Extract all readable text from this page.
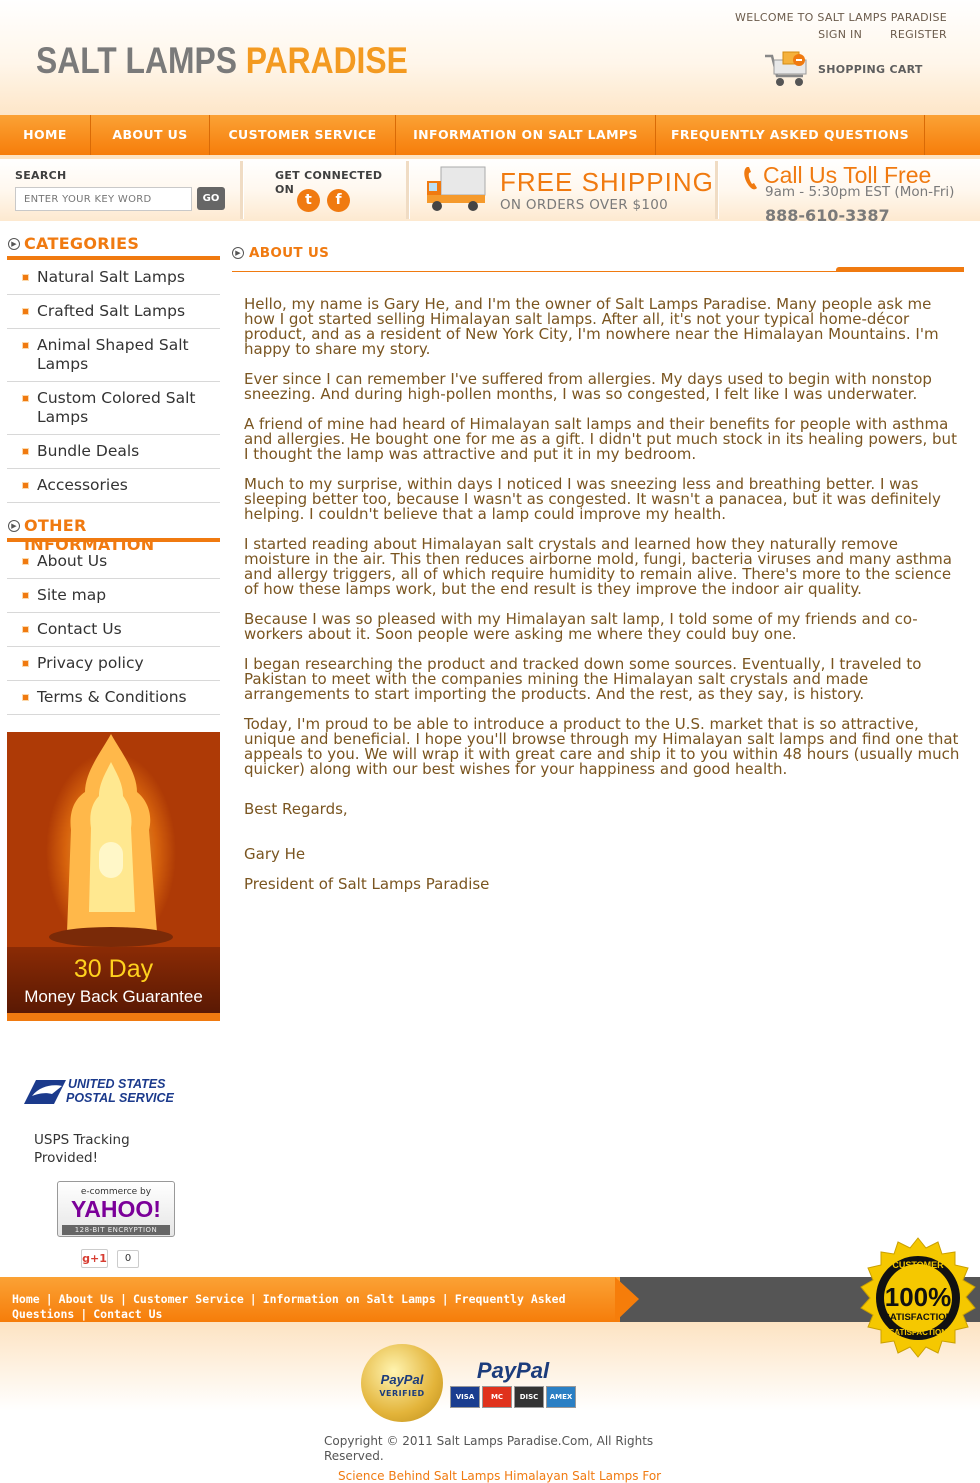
SALT LAMPS PARADISE
WELCOME TO SALT LAMPS PARADISE
SIGN IN	REGISTER
SHOPPING CART
HOME	ABOUT US	CUSTOMER SERVICE	INFORMATION ON SALT LAMPS	FREQUENTLY ASKED QUESTIONS
SEARCH
ENTER YOUR KEY WORD
GO
GET CONNECTED ON
t	f
FREE SHIPPING
ON ORDERS OVER $100
Call Us Toll Free
9am - 5:30pm EST (Mon-Fri)
888-610-3387
▶ CATEGORIES
Natural Salt Lamps
Crafted Salt Lamps
Animal Shaped Salt Lamps
Custom Colored Salt Lamps
Bundle Deals
Accessories
▶ OTHER INFORMATION
About Us
Site map
Contact Us
Privacy policy
Terms & Conditions
30 Day
Money Back Guarantee
UNITED STATES
POSTAL SERVICE
USPS Tracking Provided!
e-commerce by
YAHOO!
128-BIT ENCRYPTION
g+1	0
▶ ABOUT US

Hello, my name is Gary He, and I'm the owner of Salt Lamps Paradise. Many people ask me how I got started selling Himalayan salt lamps. After all, it's not your typical home-décor product, and as a resident of New York City, I'm nowhere near the Himalayan Mountains. I'm happy to share my story.

Ever since I can remember I've suffered from allergies. My days used to begin with nonstop sneezing. And during high-pollen months, I was so congested, I felt like I was underwater.

A friend of mine had heard of Himalayan salt lamps and their benefits for people with asthma and allergies. He bought one for me as a gift. I didn't put much stock in its healing powers, but I thought the lamp was attractive and put it in my bedroom.

Much to my surprise, within days I noticed I was sneezing less and breathing better. I was sleeping better too, because I wasn't as congested. It wasn't a panacea, but it was definitely helping. I couldn't believe that a lamp could improve my health.

I started reading about Himalayan salt crystals and learned how they naturally remove moisture in the air. This then reduces airborne mold, fungi, bacteria viruses and many asthma and allergy triggers, all of which require humidity to remain alive. There's more to the science of how these lamps work, but the end result is they improve the indoor air quality.

Because I was so pleased with my Himalayan salt lamp, I told some of my friends and co-workers about it. Soon people were asking me where they could buy one.

I began researching the product and tracked down some sources. Eventually, I traveled to Pakistan to meet with the companies mining the Himalayan salt crystals and made arrangements to start importing the products. And the rest, as they say, is history.

Today, I'm proud to be able to introduce a product to the U.S. market that is so attractive, unique and beneficial. I hope you'll browse through my Himalayan salt lamps and find one that appeals to you. We will wrap it with great care and ship it to you within 48 hours (usually much quicker) along with our best wishes for your happiness and good health.

Best Regards,

Gary He

President of Salt Lamps Paradise

Home | About Us | Customer Service | Information on Salt Lamps | Frequently Asked Questions | Contact Us
CUSTOMER
100%
SATISFACTION
SATISFACTION
PayPal
VERIFIED
PayPal
VISA	MC	DISC	AMEX
Copyright © 2011 Salt Lamps Paradise.Com, All Rights Reserved.
Science Behind Salt Lamps Himalayan Salt Lamps For
